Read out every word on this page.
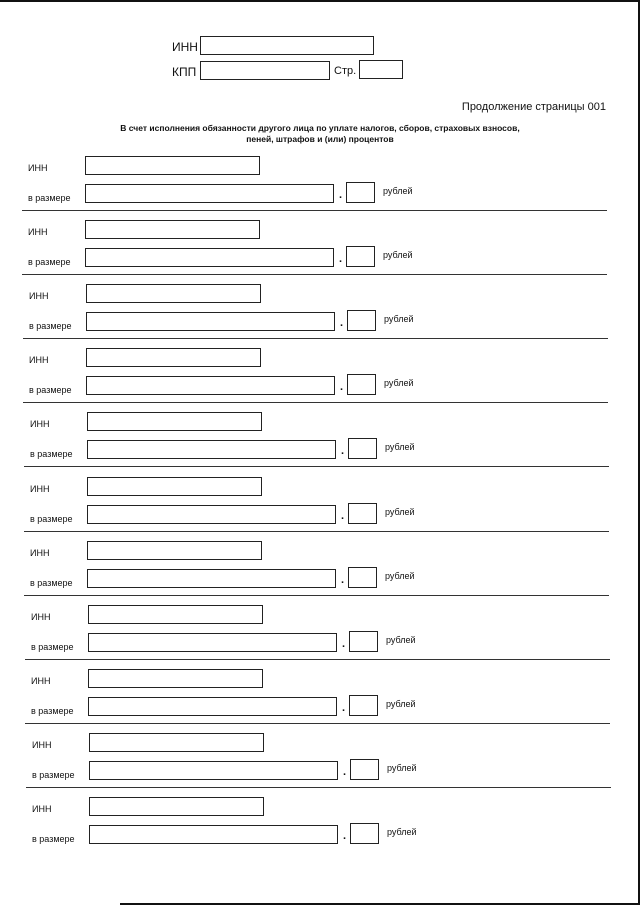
ИНН
КПП	Стр.
Продолжение страницы 001
В счет исполнения обязанности другого лица по уплате налогов, сборов, страховых взносов,
пеней, штрафов и (или) процентов
ИНН
в размере	.	рублей
ИНН
в размере	.	рублей
ИНН
в размере	.	рублей
ИНН
в размере	.	рублей
ИНН
в размере	.	рублей
ИНН
в размере	.	рублей
ИНН
в размере	.	рублей
ИНН
в размере	.	рублей
ИНН
в размере	.	рублей
ИНН
в размере	.	рублей
ИНН
в размере	.	рублей
